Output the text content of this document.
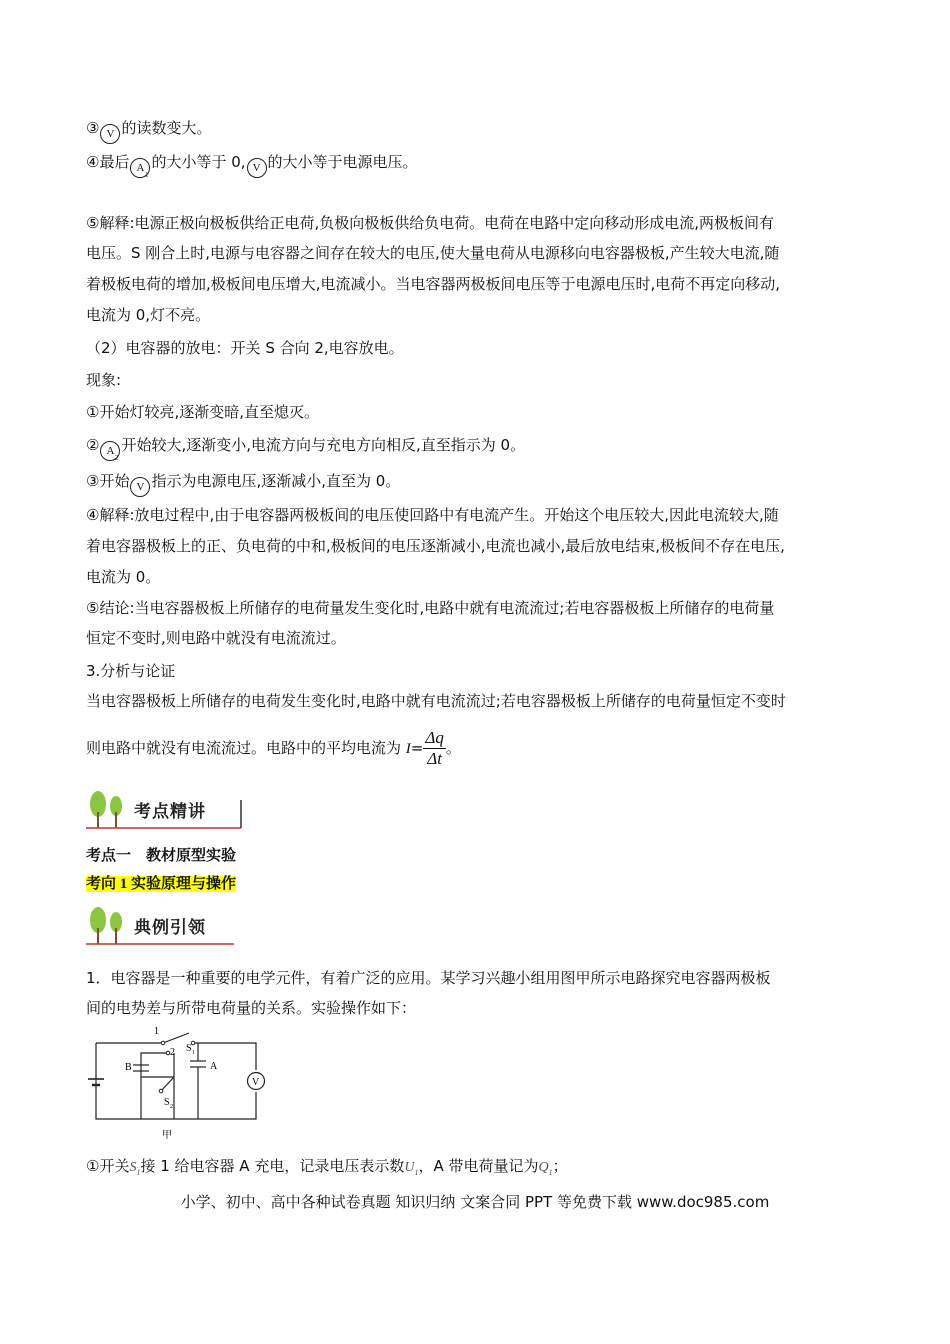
③ V 的读数变大。
④最后 A
1
的大小等于 0, V 的大小等于电源电压。
⑤解释:电源正极向极板供给正电荷,负极向极板供给负电荷。电荷在电路中定向移动形成电流,两极板间有
电压。S 刚合上时,电源与电容器之间存在较大的电压,使大量电荷从电源移向电容器极板,产生较大电流,随
着极板电荷的增加,极板间电压增大,电流减小。当电容器两极板间电压等于电源电压时,电荷不再定向移动,
电流为 0,灯不亮。
（2）电容器的放电：开关 S 合向 2,电容放电。
现象:
①开始灯较亮,逐渐变暗,直至熄灭。
② A
2
开始较大,逐渐变小,电流方向与充电方向相反,直至指示为 0。
③开始 V 指示为电源电压,逐渐减小,直至为 0。
④解释:放电过程中,由于电容器两极板间的电压使回路中有电流产生。开始这个电压较大,因此电流较大,随
着电容器极板上的正、负电荷的中和,极板间的电压逐渐减小,电流也减小,最后放电结束,极板间不存在电压,
电流为 0。
⑤结论:当电容器极板上所储存的电荷量发生变化时,电路中就有电流流过;若电容器极板上所储存的电荷量
恒定不变时,则电路中就没有电流流过。
3.分析与论证
当电容器极板上所储存的电荷发生变化时,电路中就有电流流过;若电容器极板上所储存的电荷量恒定不变时
则电路中就没有电流流过。电路中的平均电流为 $I= \frac{\Delta q}{\Delta t}$ 。
考点精讲
考点一　教材原型实验
考向 1 实验原理与操作
典例引领
1．电容器是一种重要的电学元件，有着广泛的应用。某学习兴趣小组用图甲所示电路探究电容器两极板
间的电势差与所带电荷量的关系。实验操作如下：
1
2 S 1
S 2
B	A
V
甲
①开关$S_1$接 1 给电容器 A 充电，记录电压表示数$U_1$，A 带电荷量记为$Q_1$；
小学、初中、高中各种试卷真题 知识归纳 文案合同 PPT 等免费下载 www.doc985.com
